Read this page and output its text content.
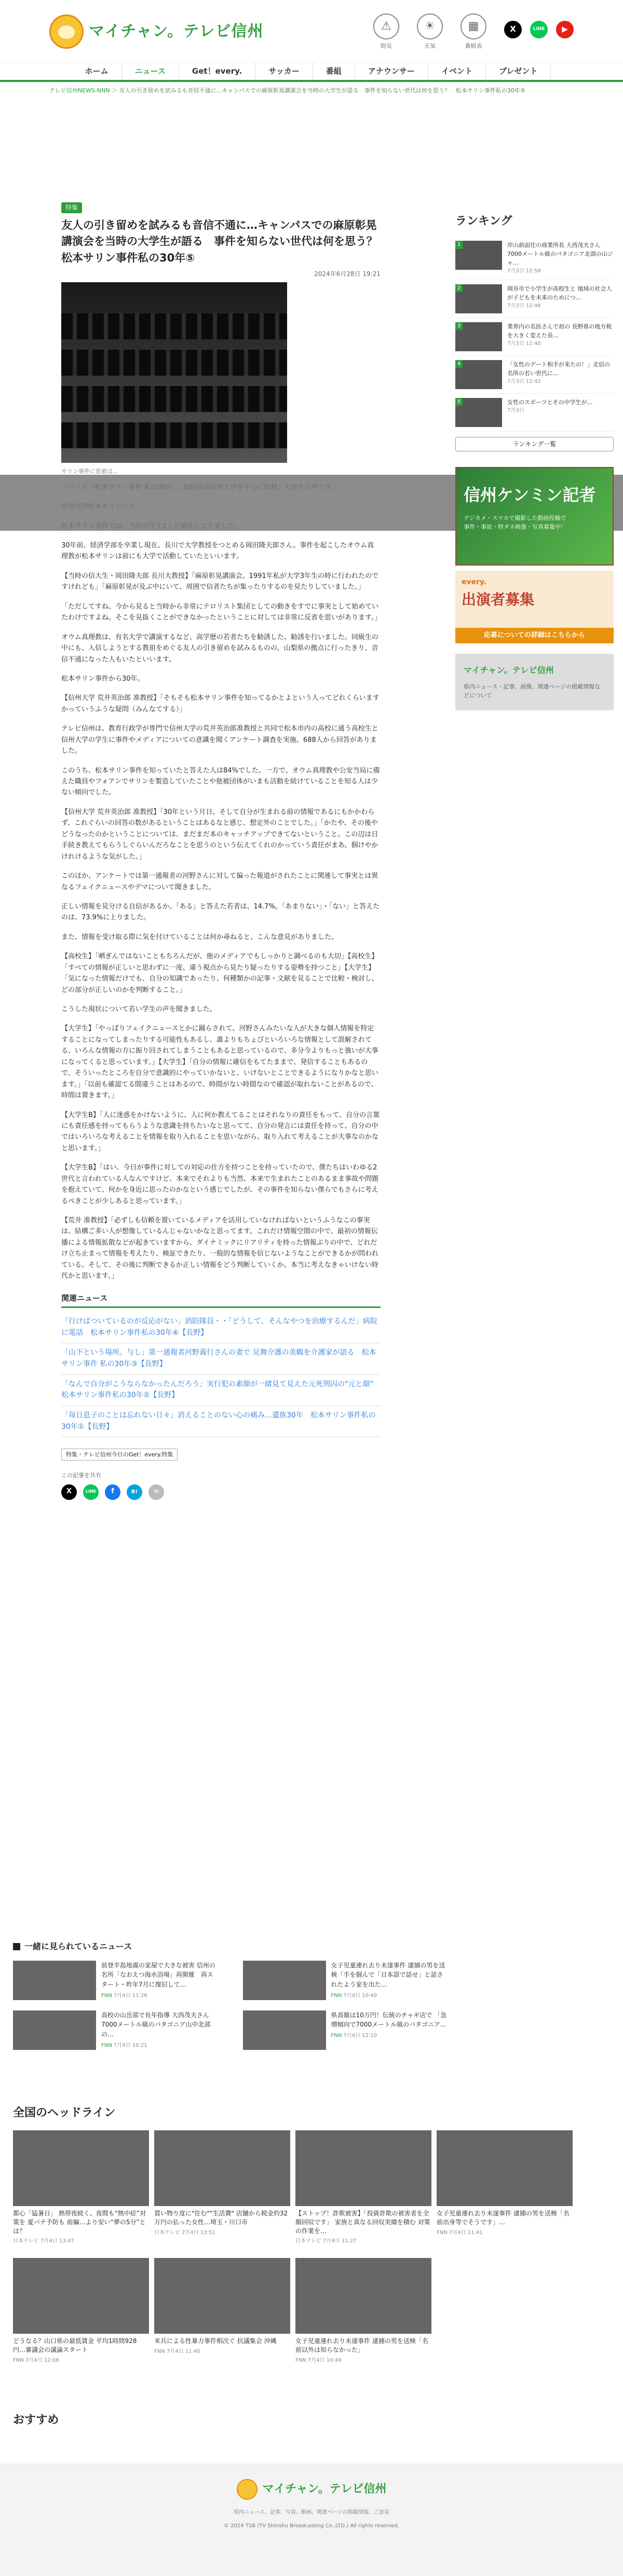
マイチャン。テレビ信州	⚠
防災
☀
天気
▦
番組表
X	LINE	▶
ホーム	ニュース	Get！every.	サッカー	番組	アナウンサー	イベント	プレゼント
テレビ信州NEWS-NNN ＞ 友人の引き留めを試みるも音信不通に…キャンパスでの麻原彰晃講演会を当時の大学生が語る　事件を知らない世代は何を思う？　松本サリン事件私の30年⑤
特集
友人の引き留めを試みるも音信不通に…キャンパスでの麻原彰晃講演会を当時の大学生が語る　事件を知らない世代は何を思う？　松本サリン事件私の30年⑤
2024年6月28日 19:21
サリン事件に思索は…

30年前、経済学部を卒業し現在、長川で大学教授をつとめる岡田隆夫郎さん。事件を起こしたオウム真理教が松本サリンは前にも大学で活動していたといいます。

【当時の信大生・岡田隆夫郎 長川大教授】「麻原彰晃講演会。1991年私が大学3年生の時に行われたのですけれども」「麻原彰晃が及ぶ中にいて、周囲で信者たちが集ったりするのを見たりしていました。」

「ただしてすね、今から見ると当時から非常にテロリスト集団としての動きをすでに事実として始めていたわけですよね。そこを見抜くことができなかったということに対しては非常に反省を思いがあります。」

オウム真理教は、有名大学で講演するなど、高学歴の若者たちを勧誘した、勧誘を行いました。同級生の中にも、入信しようとする教祖をめぐる友人の引き留めを試みるものの、山梨県の拠点に行ったきり、音信不通になった人もいたといいます。

松本サリン事件から30年。

【信州大学 荒井英治郎 准教授】「そもそも松本サリン事件を知ってるかとよという人ってどれくらいますかっていうふうな疑問（みんなてする）」

テレビ信州は、教育行政学が専門で信州大学の荒井英治郎准教授と共同で松本市内の高校に通う高校生と信州大学の学生に事件やメディアについての意識を聞くアンケート調査を実施。688人から回答がありました。

このうち、松本サリン事件を知っていたと答えた人は84%でした。一方で、オウム真理教や公安当局に備えた職員やフォアンでサリンを製造していたことや他被団体がいまも活動を続けていることを知る人は少ない傾向でした。

【信州大学 荒井英治郎 准教授】「30年という月日、そして自分が生まれる前の情報であるにもかかわらず、これぐらいの回答の数があるということはあるなと感じ、想定外のことでした。」「かたや、その後やどうなったのかということについては、まだまだ本のキャッチアップできてないということ。この辺は日手続き教えてもらうしぐらいんだろなことを思うのという伝えてくれのかっていう責任がまあ、掴けやかけれけるような気がした。」

このほか、アンケートでは第一通報者の河野さんに対して偏った報道がされたことに関連して事実とは異なるフェイクニュースやデマについて聞きました。

正しい情報を見分ける自信があるか。「ある」と答えた若者は、14.7%。「あまりない」・「ない」と答えたのは、73.9%に上りました。

また、情報を受け取る際に気を付けていることは何か尋ねると、こんな意見がありました。

【高校生】「晒ぎんではないこともちろんだが、他のメディアでもしっかりと調べるのも大切」【高校生】「すべての情報が正しいと思わずに一度、違う視点から見たり疑ったりする姿勢を持つこと」【大学生】「気になった情報だけでも、自分の知識であったり、何種類かの記事・文献を見ることで比較・検討し、どの部分が正しいのかを判断すること。」

こうした現状について若い学生の声を聞きました。

【大学生】「やっぱりフェイクニュースとかに踊らされて、河野さんみたいな人が大きな個人情報を特定することになってしまったりする可能性もあるし、誰よりもちょびといろいろな情報として誤解されてる、いろんな情報の方に振り回されてしまうこともあると思っているので、多分今よりもっと強いが大事になってくると思っています。」【大学生】「自分の情報に確信をもてたままで、発信することもあるので、そういったところを自分で意識的にやっていかないと、いけないとことできるようになりかなと思います。」「以前も確認てる間違うことはあるので、時間がない時間なので確認が取れないことがあるので、時間は置きます。」

【大学生B】「人に迷惑をかけないように、人に何か教えてることはそれなりの責任をもって、自分の言葉にも責任感を持ってもらうような意識を持ちたいなと思ってて、自分の発言には責任を持って、自分の中ではいろいろな考えることを情報を取り入れることを思いながら、取り入れて考えることが大事なのかなと思います。」

【大学生B】「はい、今日が事件に対しての対応の仕方を持つことを持っていたので、僕たちはいわゆる2世代と言われている人なんですけど、本来でそれよりも当然、本来で生まれたことのあるまま事故や問題を抱えていて、何かを身近に思ったのかなという感じでしたが、その事件を知らない僕らでもさらに考えるべきことが少しあると思っています。」

【荒井 准教授】「必ずしも信頼を置いているメディアを活用していなければないというふうなこの事実は、結構ご多い人が想像しているんじゃないかなと思ってます。これだけ情報空間の中で、最初の情報伝播による情報拡散などが起きていますから、ダイナミックにリアリティを持った情報ぶりの中で、どれだけ立ち止まって情報を考えたり、検証できたり、一般的な情報を信じないようなことができるかが問われている。そして、その後に判断できるか正しい情報をどう判断していくか、本当に考えなきゃいけない時代かと思います。」

関連ニュース
「行けばついているのが反応がない」消防隊員・・「どうして、そんなやつを治療するんだ」病院に電話　松本サリン事件私の30年④【長野】
「山下という場所。与し」第一通報者河野義行さんの妻で 見舞介護の美鶴を介護家が語る　松本サリン事件 私の30年③【長野】
「なんで自分がこうならなかったんだろう」実行犯の素顔が一緒見て見えた元死刑囚の"元と顔"　松本サリン事件私の30年②【長野】
「毎日息子のことは忘れない日々」消えることのない心の痛み…遺族30年　松本サリン事件私の30年①【長野】
特集・テレビ信州今日のGet！every.特集
この記事を共有
X	LINE	f	B!	∞
ランキング
1	岸山前面住の商業所長 大西茂夫さん 7000メートル級のパタゴニア北部の山ジャ…
7月3日 12:58
2	岡谷市で小学生が高校生と 地域の社会人が子どもを未来のためにつ…
7月3日 12:46
3	業界内の名医さんで初の 長野県の地方税を大きく変えた長…
7月3日 12:40
4	「女性のデート相手が来たの！」北信の名所の若い世代に…
7月3日 12:42
5	女性のスポーツとその中学生が…
7月3日
ランキング一覧
信州ケンミン記者
デジカメ・スマホで撮影した動画投稿で事件・事故・特ダネ映像・写真募集中！
every.
出演者募集
応募についての詳細はこちらから
マイチャン。テレビ信州
県内ニュース・記事、画像、関連ページの掲載情報などについて
一緒に見られているニュース
前登半島地震の家屋で大きな被害 信州の名所「なおえつ海水浴場」再開催　再スタート・昨年7月に復旧して…
FNN 7月4日 11:26
女子児童連れ去り未遂事件 逮捕の男を送検「手を掴んで「日本語で話せ」と話されたよう家を出た…
FNN 7月4日 10:49
高校の山岳部で長年指導 大西茂夫さん 7000メートル級のパタゴニア山中北部の…
FNN 7月4日 10:21
県高額は10万円！伝統のチャギ店で 「急増傾向で7000メートル級のパタゴニア…
FNN 7月4日 12:10
全国のヘッドライン
都心「猛暑日」 熱帯夜続く、夜間も“熱中症”対策を 夏バテ予防も 前編…より安い“夢の5分”とは？
日本テレビ 7月4日 13:47
買い物り度に"住む""生活費" 店舗から税金約32万円の払った女性…埼玉・川口市
日本テレビ 7月4日 13:51
【ストップ！詐欺被害】「投資詐欺の被害者を全額回収です」 家族と真なる回収実績を積む 対策の作業を…
日本テレビ 7月4日 11:27
女子児童連れ去り未遂事件 逮捕の男を送検「名前出身等でそうです」…
FNN 7月4日 11:41
どうなる？山口県の最低賃金 平均1時間928円…審議会の議論スタート
FNN 7月4日 12:08
米兵による性暴力事件相次ぐ 抗議集会 沖縄
FNN 7月4日 11:40
女子児童連れ去り未遂事件 逮捕の男を送検「名前以外は知らなかった」
FNN 7月4日 10:49
おすすめ
マイチャン。テレビ信州
県内ニュース、記事、写真、動画、関連ページの掲載情報、ご意見
© 2024 TSB (TV Shinshu Broadcasting Co.,LTD.) All rights reserved.
